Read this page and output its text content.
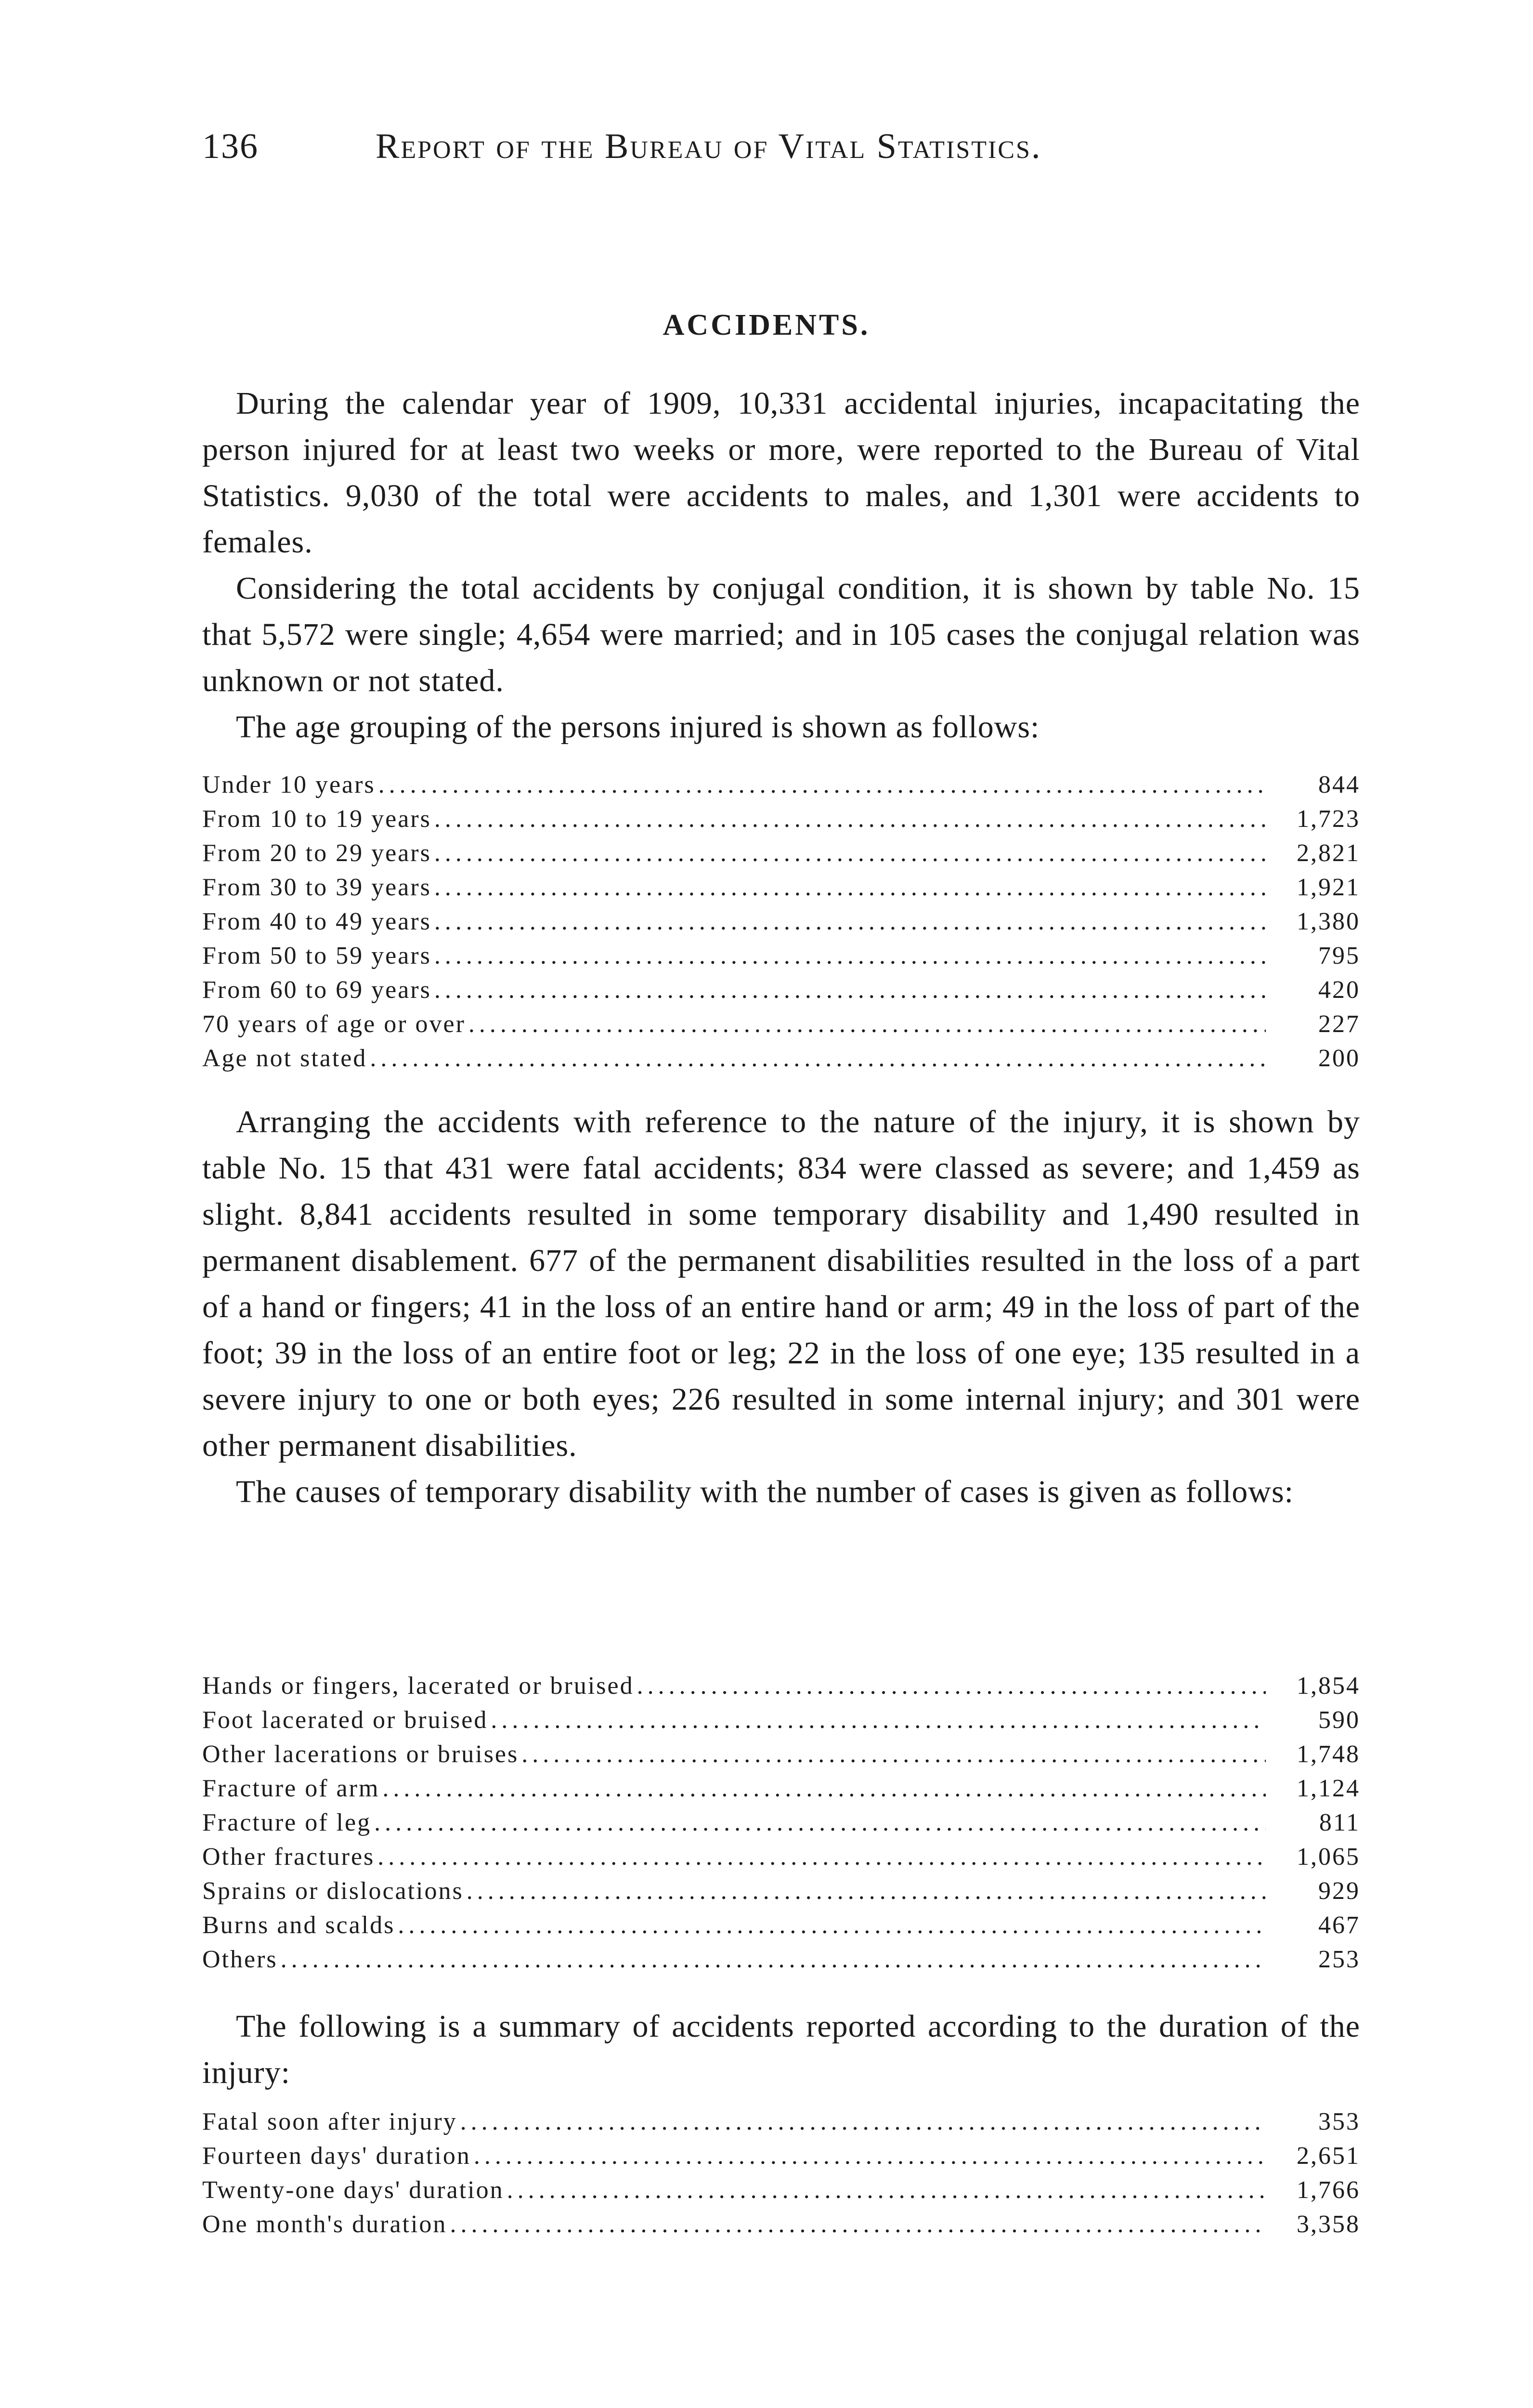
136	Report of the Bureau of Vital Statistics.
ACCIDENTS.

During the calendar year of 1909, 10,331 accidental injuries, incapacitating the person injured for at least two weeks or more, were reported to the Bureau of Vital Statistics. 9,030 of the total were accidents to males, and 1,301 were accidents to females.

Considering the total accidents by conjugal condition, it is shown by table No. 15 that 5,572 were single; 4,654 were married; and in 105 cases the conjugal relation was unknown or not stated.

The age grouping of the persons injured is shown as follows:

Under 10 years .....	844
From 10 to 19 years .....	1,723
From 20 to 29 years .....	2,821
From 30 to 39 years .....	1,921
From 40 to 49 years .....	1,380
From 50 to 59 years .....	795
From 60 to 69 years .....	420
70 years of age or over .....	227
Age not stated .....	200

Arranging the accidents with reference to the nature of the injury, it is shown by table No. 15 that 431 were fatal accidents; 834 were classed as severe; and 1,459 as slight. 8,841 accidents resulted in some temporary disability and 1,490 resulted in permanent disablement. 677 of the permanent disabilities resulted in the loss of a part of a hand or fingers; 41 in the loss of an entire hand or arm; 49 in the loss of part of the foot; 39 in the loss of an entire foot or leg; 22 in the loss of one eye; 135 resulted in a severe injury to one or both eyes; 226 resulted in some internal injury; and 301 were other permanent disabilities.

The causes of temporary disability with the number of cases is given as follows:

Hands or fingers, lacerated or bruised .....	1,854
Foot lacerated or bruised .....	590
Other lacerations or bruises .....	1,748
Fracture of arm .....	1,124
Fracture of leg .....	811
Other fractures .....	1,065
Sprains or dislocations .....	929
Burns and scalds .....	467
Others .....	253

The following is a summary of accidents reported according to the duration of the injury:

Fatal soon after injury .....	353
Fourteen days' duration .....	2,651
Twenty-one days' duration .....	1,766
One month's duration .....	3,358
